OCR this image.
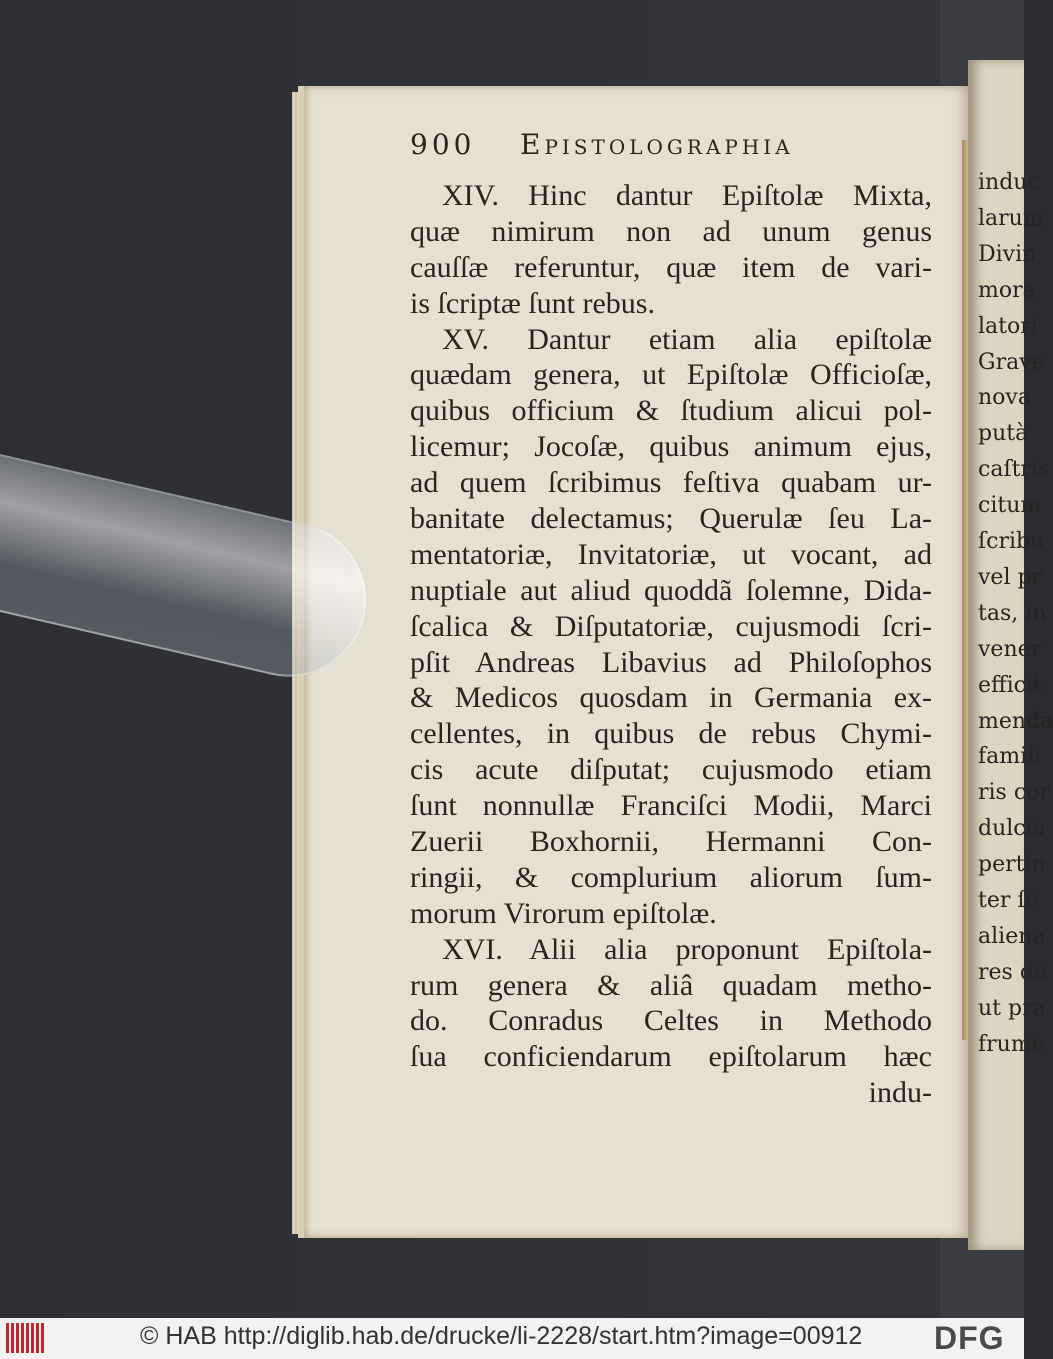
induc
larum
Divin
mora
latori
Grave
nova
putà
caſtris
citum
ſcribu
vel pr
tas, in
vener
efficit
menda
famili
ris cor
dulcia
pertin
ter ſc
aliena
res do
ut pra
frume
900 Epistolographia
XIV. Hinc dantur Epiſtolæ Mixta,
quæ nimirum non ad unum genus
cauſſæ referuntur, quæ item de vari-
is ſcriptæ ſunt rebus.
XV. Dantur etiam alia epiſtolæ
quædam genera, ut Epiſtolæ Officioſæ,
quibus officium & ſtudium alicui pol-
licemur; Jocoſæ, quibus animum ejus,
ad quem ſcribimus feſtiva quabam ur-
banitate delectamus; Querulæ ſeu La-
mentatoriæ, Invitatoriæ, ut vocant, ad
nuptiale aut aliud quoddã ſolemne, Dida-
ſcalica & Diſputatoriæ, cujusmodi ſcri-
pſit Andreas Libavius ad Philoſophos
& Medicos quosdam in Germania ex-
cellentes, in quibus de rebus Chymi-
cis acute diſputat; cujusmodo etiam
ſunt nonnullæ Franciſci Modii, Marci
Zuerii Boxhornii, Hermanni Con-
ringii, & complurium aliorum ſum-
morum Virorum epiſtolæ.
XVI. Alii alia proponunt Epiſtola-
rum genera & aliâ quadam metho-
do. Conradus Celtes in Methodo
ſua conficiendarum epiſtolarum hæc
indu-
© HAB http://diglib.hab.de/drucke/li-2228/start.htm?image=00912 DFG
